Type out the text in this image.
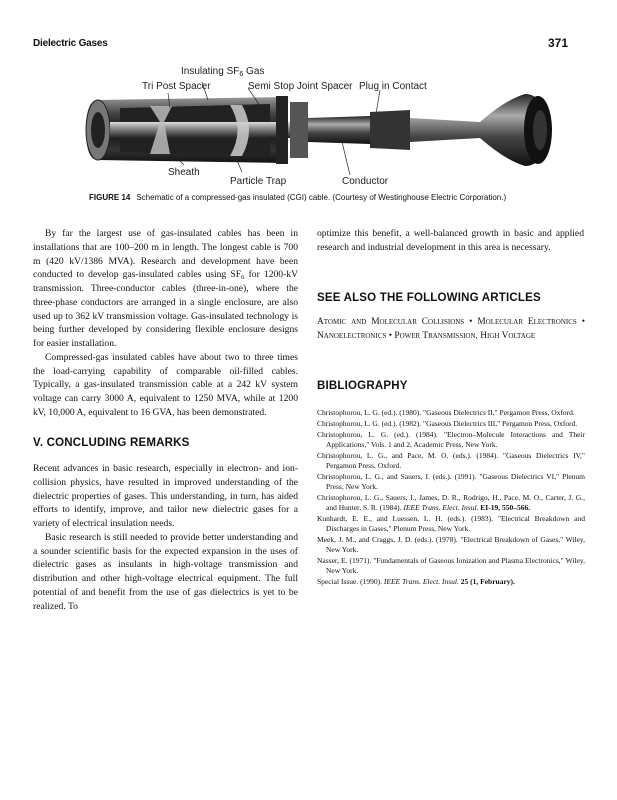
Dielectric Gases	371
Insulating $SF_6$ Gas
Tri Post Spacer	Semi Stop Joint Spacer Plug in Contact
Sheath
Particle Trap	Conductor
FIGURE 14 Schematic of a compressed-gas insulated (CGI) cable. (Courtesy of Westinghouse Electric Corporation.)

By far the largest use of gas-insulated cables has been in installations that are 100–200 m in length. The longest cable is 700 m (420 kV/1386 MVA). Research and development have been conducted to develop gas-insulated cables using $SF_6$ for 1200-kV transmission. Three-conductor cables (three-in-one), where the three-phase conductors are arranged in a single enclosure, are also used up to 362 kV transmission voltage. Gas-insulated technology is being further developed by considering flexible enclosure designs for easier installation.

Compressed-gas insulated cables have about two to three times the load-carrying capability of comparable oil-filled cables. Typically, a gas-insulated transmission cable at a 242 kV system voltage can carry 3000 A, equivalent to 1250 MVA, while at 1200 kV, 10,000 A, equivalent to 16 GVA, has been demonstrated.

V. CONCLUDING REMARKS

Recent advances in basic research, especially in electron- and ion-collision physics, have resulted in improved understanding of the dielectric properties of gases. This understanding, in turn, has aided efforts to identify, improve, and tailor new dielectric gases for a variety of electrical insulation needs.

Basic research is still needed to provide better understanding and a sounder scientific basis for the expected expansion in the uses of dielectric gases as insulants in high-voltage transmission and distribution and other high-voltage electrical equipment. The full potential of and benefit from the use of gas dielectrics is yet to be realized. To

optimize this benefit, a well-balanced growth in basic and applied research and industrial development in this area is necessary.

SEE ALSO THE FOLLOWING ARTICLES
Atomic and Molecular Collisions • Molecular Electronics • Nanoelectronics • Power Transmission, High Voltage
BIBLIOGRAPHY
Christophorou, L. G. (ed.). (1980). "Gaseous Dielectrics II," Pergamon Press, Oxford.
Christophorou, L. G. (ed.). (1982). "Gaseous Dielectrics III," Pergamon Press, Oxford.
Christophorou, L. G. (ed.). (1984). "Electron–Molecule Interactions and Their Applications," Vols. 1 and 2, Academic Press, New York.
Christophorou, L. G., and Pace, M. O. (eds.). (1984). "Gaseous Dielectrics IV," Pergamon Press, Oxford.
Christophorou, L. G., and Sauers, I. (eds.). (1991). "Gaseous Dielectrics VI," Plenum Press, New York.
Christophorou, L. G., Sauers, I., James, D. R., Rodrigo, H., Pace, M. O., Carter, J. G., and Hunter, S. R. (1984). IEEE Trans. Elect. Insul. EI-19, 550–566.
Kunhardt, E. E., and Luessen, L. H. (eds.). (1983). "Electrical Breakdown and Discharges in Gases," Plenum Press, New York.
Meek, J. M., and Craggs, J. D. (eds.). (1978). "Electrical Breakdown of Gases," Wiley, New York.
Nasser, E. (1971). "Fundamentals of Gaseous Ionization and Plasma Electronics," Wiley, New York.
Special Issue. (1990). IEEE Trans. Elect. Insul. 25 (1, February).
